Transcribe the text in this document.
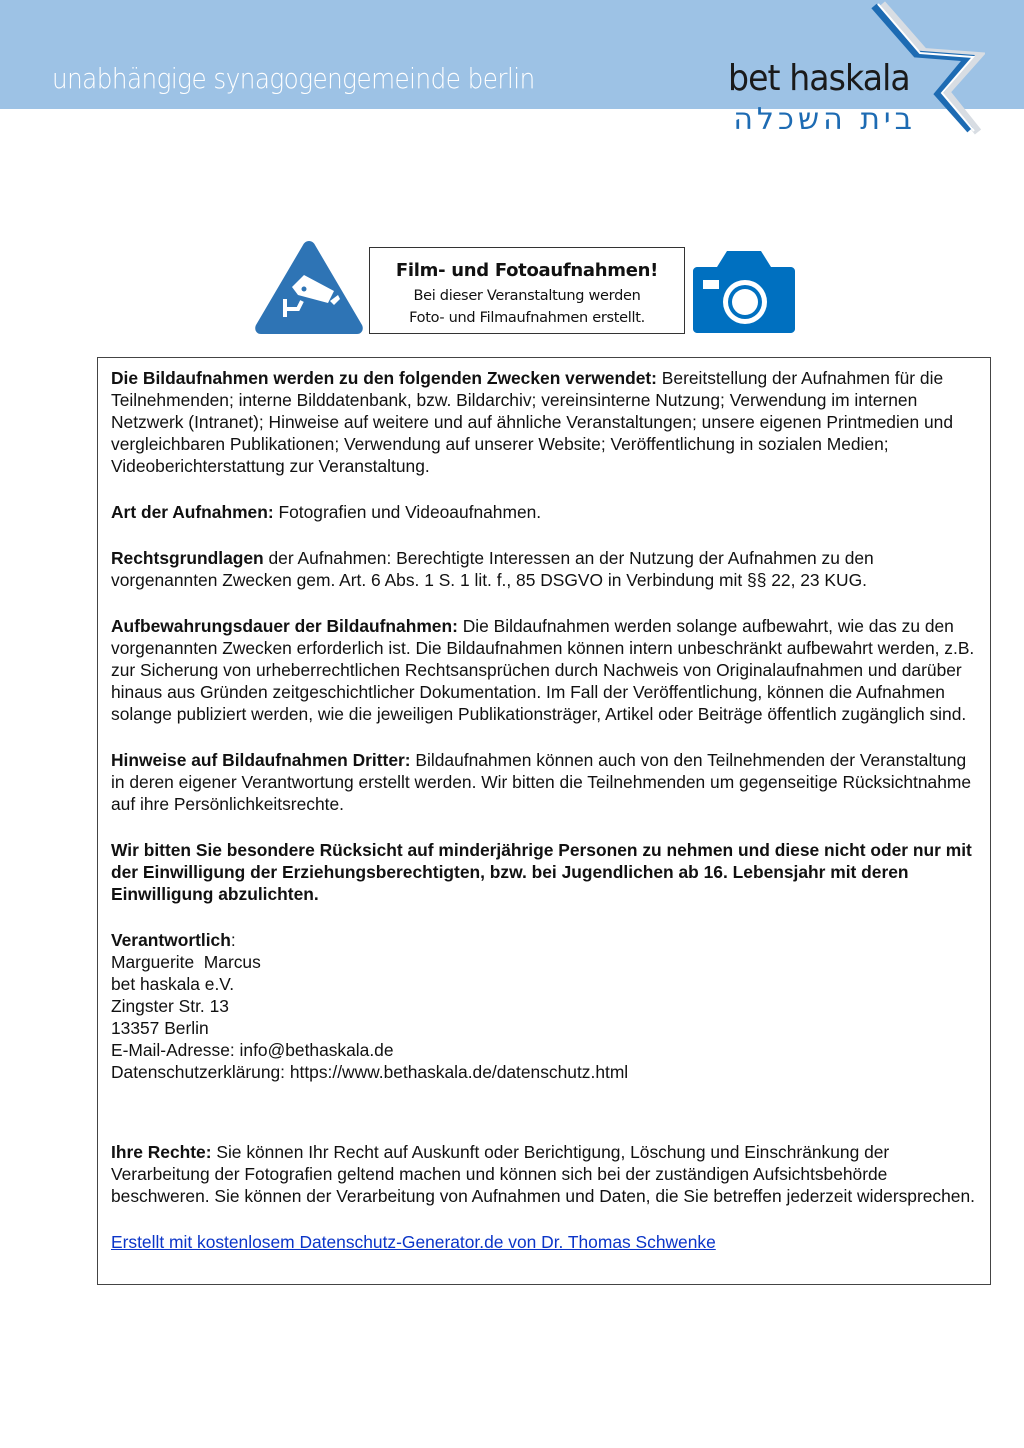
unabhängige synagogengemeinde berlin	bet haskala
בית השכלה
Film- und Fotoaufnahmen!
Bei dieser Veranstaltung werden
Foto- und Filmaufnahmen erstellt.

Die Bildaufnahmen werden zu den folgenden Zwecken verwendet: Bereitstellung der Aufnahmen für die Teilnehmenden; interne Bilddatenbank, bzw. Bildarchiv; vereinsinterne Nutzung; Verwendung im internen Netzwerk (Intranet); Hinweise auf weitere und auf ähnliche Veranstaltungen; unsere eigenen Printmedien und vergleichbaren Publikationen; Verwendung auf unserer Website; Veröffentlichung in sozialen Medien; Videoberichterstattung zur Veranstaltung.

Art der Aufnahmen: Fotografien und Videoaufnahmen.

Rechtsgrundlagen der Aufnahmen: Berechtigte Interessen an der Nutzung der Aufnahmen zu den vorgenannten Zwecken gem. Art. 6 Abs. 1 S. 1 lit. f., 85 DSGVO in Verbindung mit §§ 22, 23 KUG.

Aufbewahrungsdauer der Bildaufnahmen: Die Bildaufnahmen werden solange aufbewahrt, wie das zu den vorgenannten Zwecken erforderlich ist. Die Bildaufnahmen können intern unbeschränkt aufbewahrt werden, z.B. zur Sicherung von urheberrechtlichen Rechtsansprüchen durch Nachweis von Originalaufnahmen und darüber hinaus aus Gründen zeitgeschichtlicher Dokumentation. Im Fall der Veröffentlichung, können die Aufnahmen solange publiziert werden, wie die jeweiligen Publikationsträger, Artikel oder Beiträge öffentlich zugänglich sind.

Hinweise auf Bildaufnahmen Dritter: Bildaufnahmen können auch von den Teilnehmenden der Veranstaltung in deren eigener Verantwortung erstellt werden. Wir bitten die Teilnehmenden um gegenseitige Rücksichtnahme auf ihre Persönlichkeitsrechte.

Wir bitten Sie besondere Rücksicht auf minderjährige Personen zu nehmen und diese nicht oder nur mit der Einwilligung der Erziehungsberechtigten, bzw. bei Jugendlichen ab 16. Lebensjahr mit deren Einwilligung abzulichten.

Verantwortlich:

Marguerite  Marcus

bet haskala e.V.

Zingster Str. 13

13357 Berlin

E-Mail-Adresse: info@bethaskala.de

Datenschutzerklärung: https://www.bethaskala.de/datenschutz.html

Ihre Rechte: Sie können Ihr Recht auf Auskunft oder Berichtigung, Löschung und Einschränkung der Verarbeitung der Fotografien geltend machen und können sich bei der zuständigen Aufsichtsbehörde beschweren. Sie können der Verarbeitung von Aufnahmen und Daten, die Sie betreffen jederzeit widersprechen.

Erstellt mit kostenlosem Datenschutz-Generator.de von Dr. Thomas Schwenke
